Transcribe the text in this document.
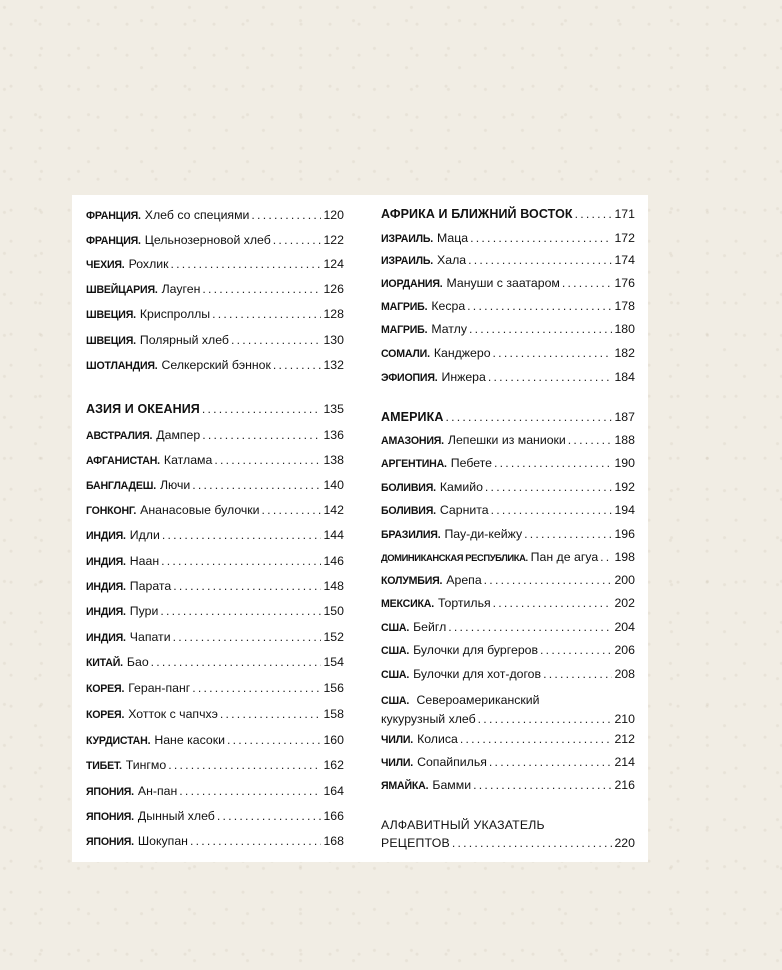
ФРАНЦИЯ. Хлеб со специями . . .	120
ФРАНЦИЯ. Цельнозерновой хлеб . . .	122
ЧЕХИЯ. Рохлик . . .	124
ШВЕЙЦАРИЯ. Лауген . . .	126
ШВЕЦИЯ. Криспроллы . . .	128
ШВЕЦИЯ. Полярный хлеб . . .	130
ШОТЛАНДИЯ. Селкерский бэннок . . .	132
АЗИЯ И ОКЕАНИЯ . . .	135
АВСТРАЛИЯ. Дампер . . .	136
АФГАНИСТАН. Катлама . . .	138
БАНГЛАДЕШ. Лючи . . .	140
ГОНКОНГ. Ананасовые булочки . . .	142
ИНДИЯ. Идли . . .	144
ИНДИЯ. Наан . . .	146
ИНДИЯ. Парата . . .	148
ИНДИЯ. Пури . . .	150
ИНДИЯ. Чапати . . .	152
КИТАЙ. Бао . . .	154
КОРЕЯ. Геран-панг . . .	156
КОРЕЯ. Хотток с чапчхэ . . .	158
КУРДИСТАН. Нане касоки . . .	160
ТИБЕТ. Тингмо . . .	162
ЯПОНИЯ. Ан-пан . . .	164
ЯПОНИЯ. Дынный хлеб . . .	166
ЯПОНИЯ. Шокупан . . .	168
АФРИКА И БЛИЖНИЙ ВОСТОК . . .	171
ИЗРАИЛЬ. Маца . . .	172
ИЗРАИЛЬ. Хала . . .	174
ИОРДАНИЯ. Мануши с заатаром . . .	176
МАГРИБ. Кесра . . .	178
МАГРИБ. Матлу . . .	180
СОМАЛИ. Канджеро . . .	182
ЭФИОПИЯ. Инжера . . .	184
АМЕРИКА . . .	187
АМАЗОНИЯ. Лепешки из маниоки . . .	188
АРГЕНТИНА. Пебете . . .	190
БОЛИВИЯ. Камийо . . .	192
БОЛИВИЯ. Сарнита . . .	194
БРАЗИЛИЯ. Пау-ди-кейжу . . .	196
ДОМИНИКАНСКАЯ РЕСПУБЛИКА. Пан де агуа . . . 198
КОЛУМБИЯ. Арепа . . .	200
МЕКСИКА. Тортилья . . .	202
США. Бейгл . . .	204
США. Булочки для бургеров . . .	206
США. Булочки для хот-догов . . .	208
США. Североамериканский
кукурузный хлеб . . .	210
ЧИЛИ. Колиса . . .	212
ЧИЛИ. Сопайпилья . . .	214
ЯМАЙКА. Бамми . . .	216
АЛФАВИТНЫЙ УКАЗАТЕЛЬ
РЕЦЕПТОВ . . .	220
